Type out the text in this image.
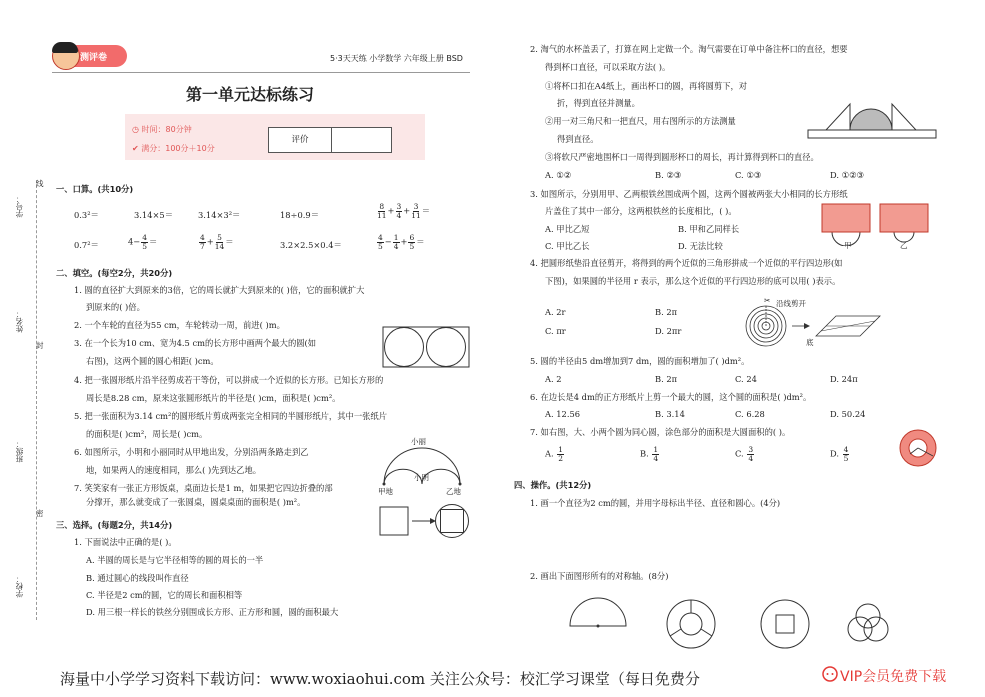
学号：
线
姓名：
封
班级：
密
学校：
测评卷	5·3天天练 小学数学 六年级上册 BSD
第一单元达标练习
◷ 时间：80分钟
✔ 满分：100分＋10分
评价
一、口算。(共10分)
0.3²＝	3.14×5＝	3.14×3²＝	18÷0.9＝	$\frac{8}{11} + \frac{3}{4} + \frac{3}{11}$ ＝
0.7²＝	$4- \frac{4}{5}$ ＝	$\frac{4}{7} + \frac{5}{14}$ ＝	3.2×2.5×0.4＝	$\frac{4}{5} - \frac{1}{4} + \frac{6}{5}$ ＝
二、填空。(每空2分，共20分)
1. 圆的直径扩大到原来的3倍，它的周长就扩大到原来的( )倍，它的面积就扩大
到原来的( )倍。
2. 一个车轮的直径为55 cm，车轮转动一周，前进( )m。
3. 在一个长为10 cm、宽为4.5 cm的长方形中画两个最大的圆(如
右图)，这两个圆的圆心相距( )cm。
4. 把一张圆形纸片沿半径剪成若干等份，可以拼成一个近似的长方形。已知长方形的
周长是8.28 cm，原来这张圆形纸片的半径是( )cm，面积是( )cm²。
5. 把一张面积为3.14 cm²的圆形纸片剪成两张完全相同的半圆形纸片，其中一张纸片
的面积是( )cm²，周长是( )cm。
6. 如图所示，小明和小丽同时从甲地出发，分别沿两条路走到乙
地，如果两人的速度相同，那么( )先到达乙地。
小丽
小明
甲地	乙地
7. 笑笑家有一张正方形饭桌，桌面边长是1 m，如果把它四边折叠的部
分撑开，那么就变成了一张圆桌，圆桌桌面的面积是( )m²。
三、选择。(每题2分，共14分)
1. 下面说法中正确的是( )。
A. 半圆的周长是与它半径相等的圆的周长的一半
B. 通过圆心的线段叫作直径
C. 半径是2 cm的圆，它的周长和面积相等
D. 用三根一样长的铁丝分别围成长方形、正方形和圆，圆的面积最大
2. 淘气的水杯盖丢了，打算在网上定做一个。淘气需要在订单中备注杯口的直径，想要
得到杯口直径，可以采取方法( )。
①将杯口扣在A4纸上，画出杯口的圆，再将圆剪下，对
折，得到直径并测量。
②用一对三角尺和一把直尺，用右图所示的方法测量
得到直径。
③将软尺严密地围杯口一周得到圆形杯口的周长，再计算得到杯口的直径。
A. ①②	B. ②③	C. ①③	D. ①②③
3. 如图所示，分别用甲、乙两根铁丝围成两个圆，这两个圆被两张大小相同的长方形纸
片盖住了其中一部分，这两根铁丝的长度相比，( )。
A. 甲比乙短	B. 甲和乙同样长
C. 甲比乙长	D. 无法比较	甲	乙
4. 把圆形纸垫沿直径剪开，将得到的两个近似的三角形拼成一个近似的平行四边形(如
下图)，如果圆的半径用 r 表示，那么这个近似的平行四边形的底可以用( )表示。
A. 2r	B. 2π
C. πr	D. 2πr
✂ 沿线剪开
底
5. 圆的半径由5 dm增加到7 dm，圆的面积增加了( )dm²。
A. 2	B. 2π	C. 24	D. 24π
6. 在边长是4 dm的正方形纸片上剪一个最大的圆，这个圆的面积是( )dm²。
A. 12.56	B. 3.14	C. 6.28	D. 50.24
7. 如右图，大、小两个圆为同心圆，涂色部分的面积是大圆面积的( )。
A. $\frac{1}{2}$	B. $\frac{1}{4}$	C. $\frac{3}{4}$	D. $\frac{4}{5}$
四、操作。(共12分)
1. 画一个直径为2 cm的圆，并用字母标出半径、直径和圆心。(4分)
2. 画出下面图形所有的对称轴。(8分)
海量中小学学习资料下载访问：www.woxiaohui.com 关注公众号：校汇学习课堂（每日免费分	VIP会员免费下载
